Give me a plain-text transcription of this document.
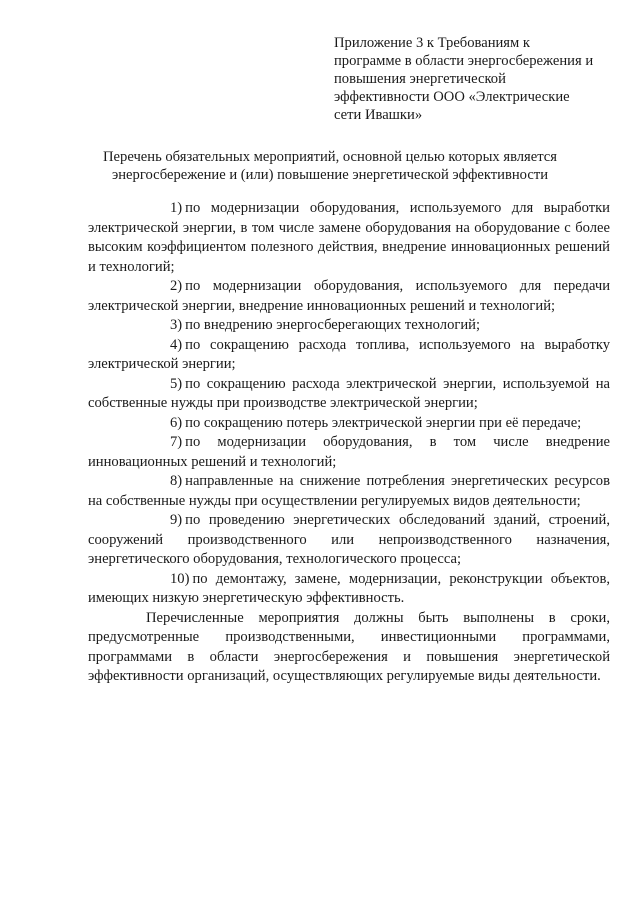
Приложение 3 к Требованиям к
программе в области энергосбережения и
повышения энергетической
эффективности ООО «Электрические
сети Ивашки»
Перечень обязательных мероприятий, основной целью которых является
энергосбережение и (или) повышение энергетической эффективности

1) по модернизации оборудования, используемого для выработки электрической энергии, в том числе замене оборудования на оборудование с более высоким коэффициентом полезного действия, внедрение инновационных решений и технологий;

2) по модернизации оборудования, используемого для передачи электрической энергии, внедрение инновационных решений и технологий;

3) по внедрению энергосберегающих технологий;

4) по сокращению расхода топлива, используемого на выработку электрической энергии;

5) по сокращению расхода электрической энергии, используемой на собственные нужды при производстве электрической энергии;

6) по сокращению потерь электрической энергии при её передаче;

7) по модернизации оборудования, в том числе внедрение инновационных решений и технологий;

8) направленные на снижение потребления энергетических ресурсов на собственные нужды при осуществлении регулируемых видов деятельности;

9) по проведению энергетических обследований зданий, строений, сооружений производственного или непроизводственного назначения, энергетического оборудования, технологического процесса;

10) по демонтажу, замене, модернизации, реконструкции объектов, имеющих низкую энергетическую эффективность.

Перечисленные мероприятия должны быть выполнены в сроки, предусмотренные производственными, инвестиционными программами, программами в области энергосбережения и повышения энергетической эффективности организаций, осуществляющих регулируемые виды деятельности.
